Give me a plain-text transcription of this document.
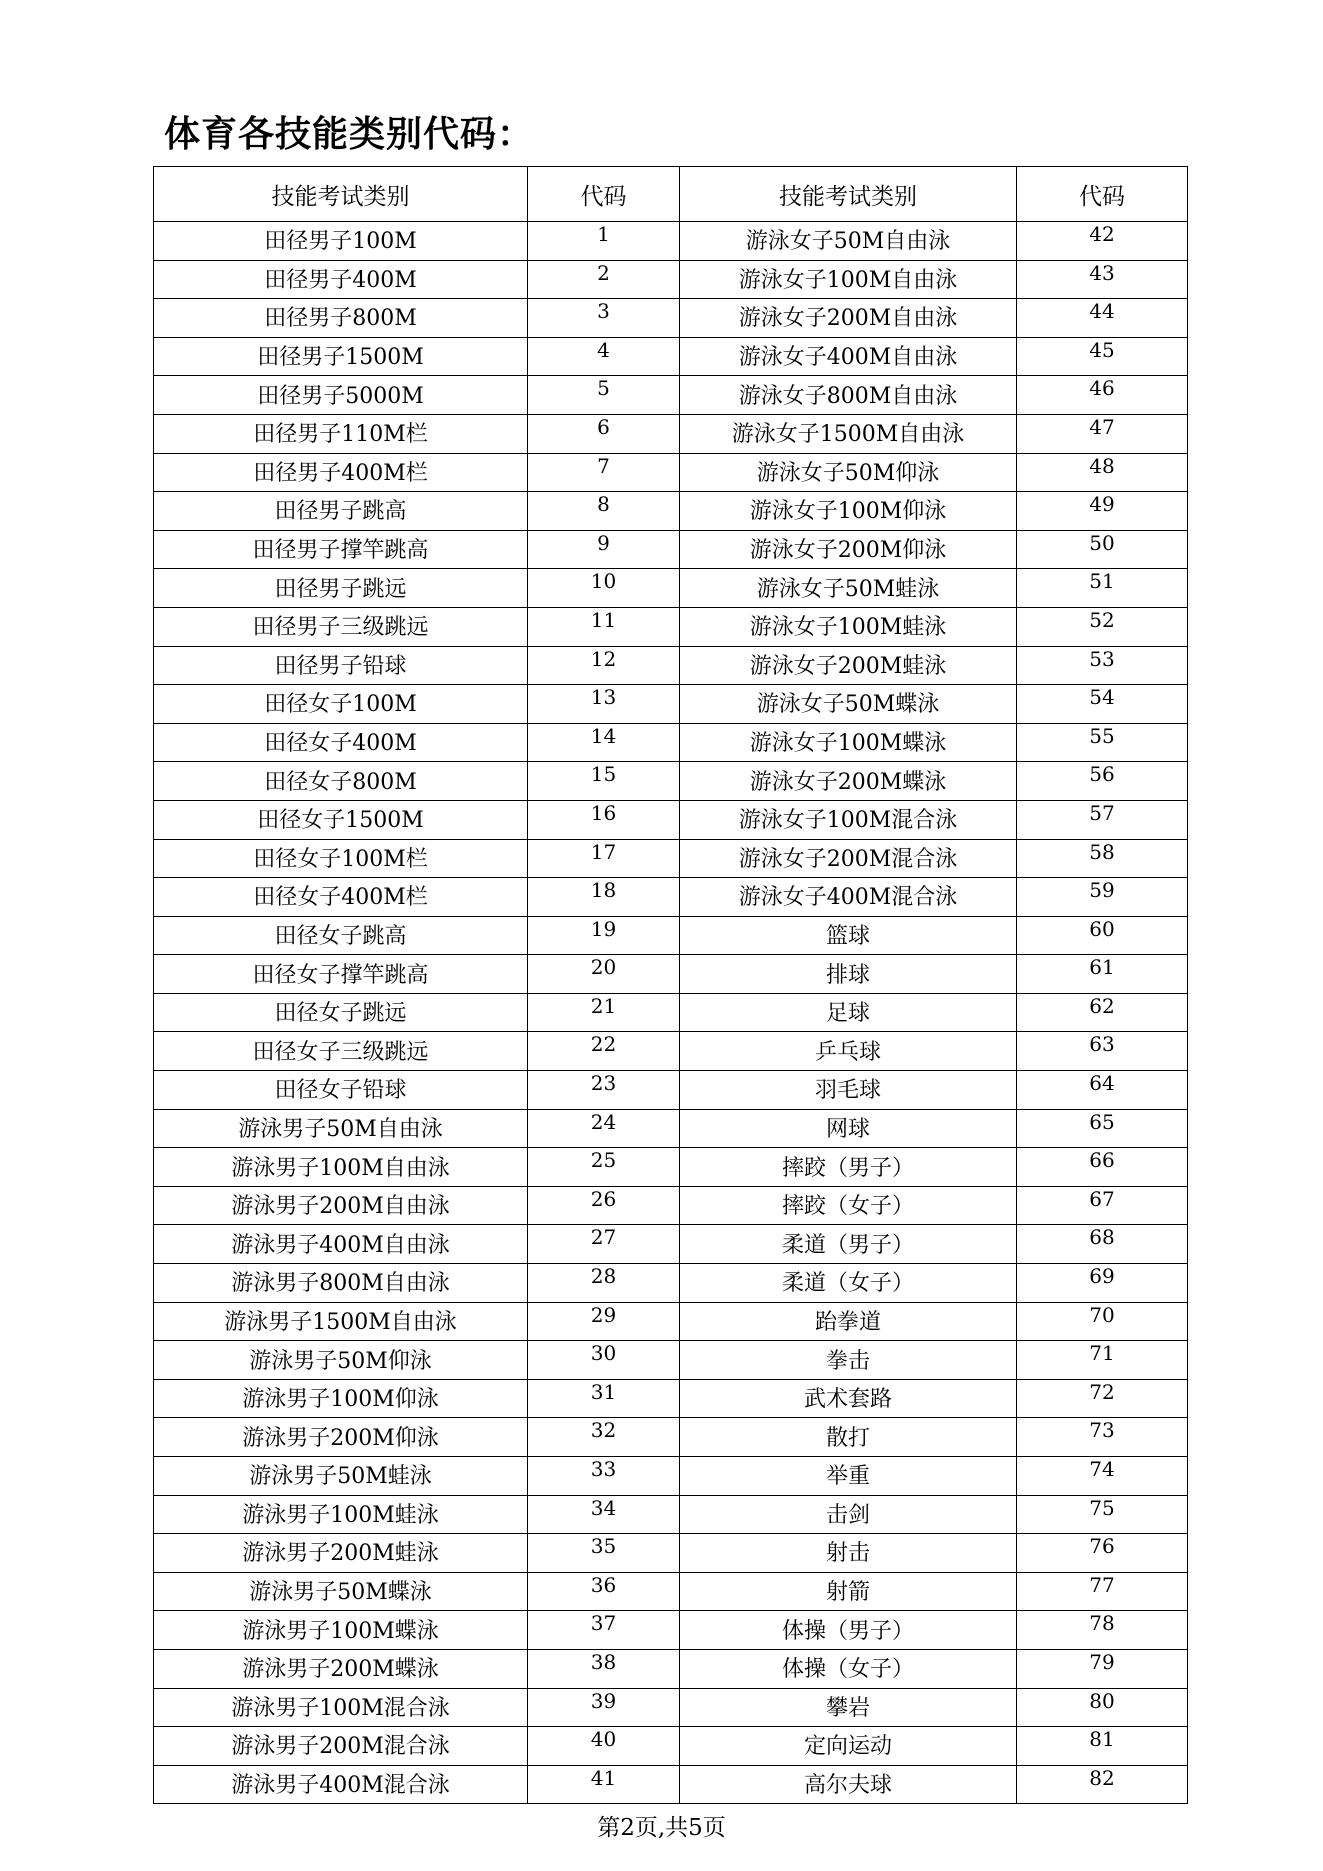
体育各技能类别代码：
技能考试类别	代码	技能考试类别	代码
田径男子100M	1	游泳女子50M自由泳	42
田径男子400M	2	游泳女子100M自由泳	43
田径男子800M	3	游泳女子200M自由泳	44
田径男子1500M	4	游泳女子400M自由泳	45
田径男子5000M	5	游泳女子800M自由泳	46
田径男子110M栏	6	游泳女子1500M自由泳	47
田径男子400M栏	7	游泳女子50M仰泳	48
田径男子跳高	8	游泳女子100M仰泳	49
田径男子撑竿跳高	9	游泳女子200M仰泳	50
田径男子跳远	10	游泳女子50M蛙泳	51
田径男子三级跳远	11	游泳女子100M蛙泳	52
田径男子铅球	12	游泳女子200M蛙泳	53
田径女子100M	13	游泳女子50M蝶泳	54
田径女子400M	14	游泳女子100M蝶泳	55
田径女子800M	15	游泳女子200M蝶泳	56
田径女子1500M	16	游泳女子100M混合泳	57
田径女子100M栏	17	游泳女子200M混合泳	58
田径女子400M栏	18	游泳女子400M混合泳	59
田径女子跳高	19	篮球	60
田径女子撑竿跳高	20	排球	61
田径女子跳远	21	足球	62
田径女子三级跳远	22	乒乓球	63
田径女子铅球	23	羽毛球	64
游泳男子50M自由泳	24	网球	65
游泳男子100M自由泳	25	摔跤（男子）	66
游泳男子200M自由泳	26	摔跤（女子）	67
游泳男子400M自由泳	27	柔道（男子）	68
游泳男子800M自由泳	28	柔道（女子）	69
游泳男子1500M自由泳	29	跆拳道	70
游泳男子50M仰泳	30	拳击	71
游泳男子100M仰泳	31	武术套路	72
游泳男子200M仰泳	32	散打	73
游泳男子50M蛙泳	33	举重	74
游泳男子100M蛙泳	34	击剑	75
游泳男子200M蛙泳	35	射击	76
游泳男子50M蝶泳	36	射箭	77
游泳男子100M蝶泳	37	体操（男子）	78
游泳男子200M蝶泳	38	体操（女子）	79
游泳男子100M混合泳	39	攀岩	80
游泳男子200M混合泳	40	定向运动	81
游泳男子400M混合泳	41	高尔夫球	82
第2页,共5页
